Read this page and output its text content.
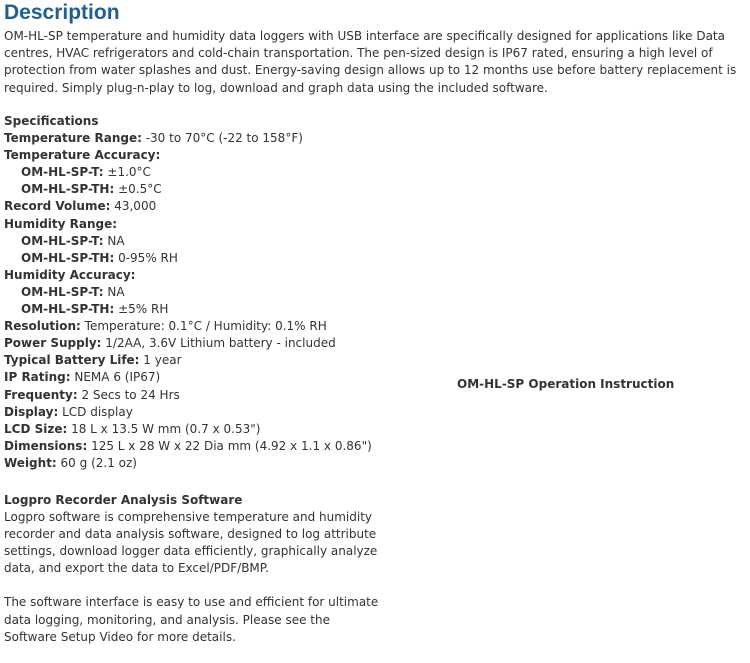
Description

OM-HL-SP temperature and humidity data loggers with USB interface are specifically designed for applications like Data centres, HVAC refrigerators and cold-chain transportation. The pen-sized design is IP67 rated, ensuring a high level of protection from water splashes and dust. Energy-saving design allows up to 12 months use before battery replacement is required. Simply plug-n-play to log, download and graph data using the included software.

Specifications
Temperature Range: -30 to 70°C (-22 to 158°F)
Temperature Accuracy:
OM-HL-SP-T: ±1.0°C
OM-HL-SP-TH: ±0.5°C
Record Volume: 43,000
Humidity Range:
OM-HL-SP-T: NA
OM-HL-SP-TH: 0-95% RH
Humidity Accuracy:
OM-HL-SP-T: NA
OM-HL-SP-TH: ±5% RH
Resolution: Temperature: 0.1°C / Humidity: 0.1% RH
Power Supply: 1/2AA, 3.6V Lithium battery - included
Typical Battery Life: 1 year
IP Rating: NEMA 6 (IP67)
Frequenty: 2 Secs to 24 Hrs
Display: LCD display
LCD Size: 18 L x 13.5 W mm (0.7 x 0.53")
Dimensions: 125 L x 28 W x 22 Dia mm (4.92 x 1.1 x 0.86")
Weight: 60 g (2.1 oz)
OM-HL-SP Operation Instruction
Logpro Recorder Analysis Software

Logpro software is comprehensive temperature and humidity recorder and data analysis software, designed to log attribute settings, download logger data efficiently, graphically analyze data, and export the data to Excel/PDF/BMP.

The software interface is easy to use and efficient for ultimate data logging, monitoring, and analysis. Please see the Software Setup Video for more details.
